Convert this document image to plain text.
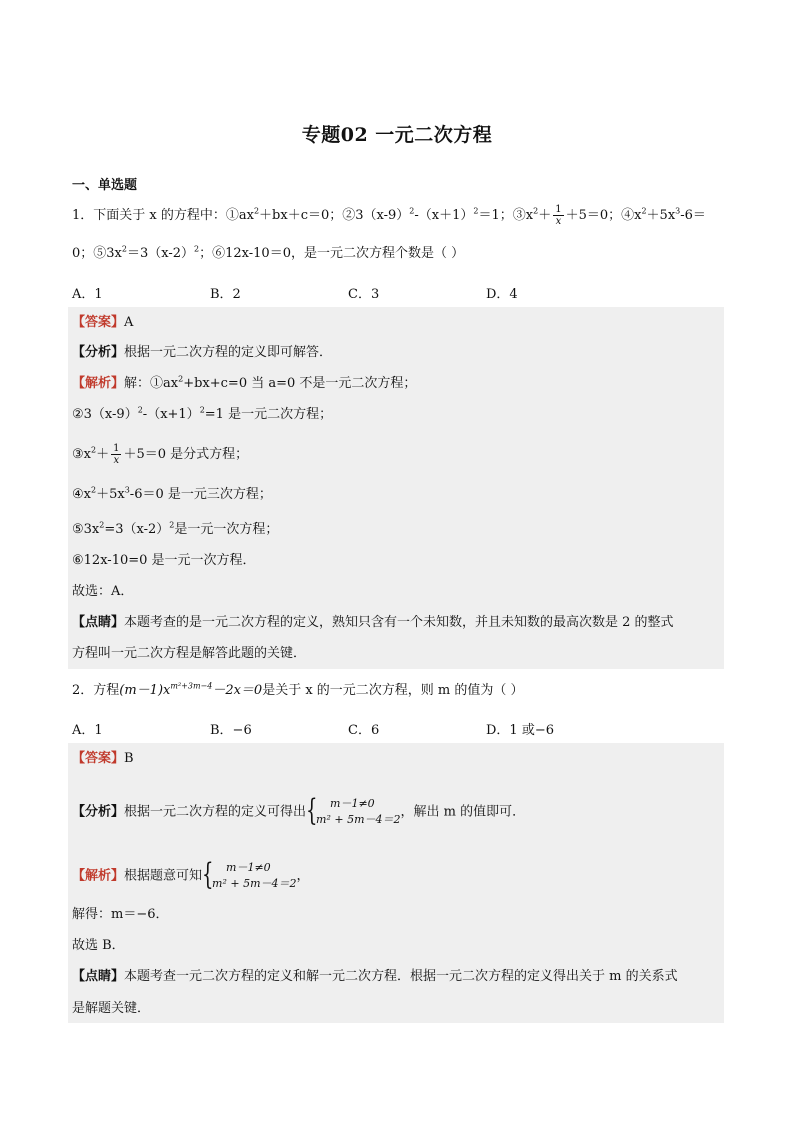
专题02 一元二次方程
一、单选题
1．下面关于 x 的方程中：$①ax^2+bx+c=0$；$②3(x-9)^2-(x+1)^2=1$；$③x^2+ \frac{1}{x} +5=0$；$④x^2+5x^3-6=$
0；$⑤3x^2=3(x-2)^2$；⑥12x-10＝0，是一元二次方程个数是（ ）
A．1	B．2	C．3	D．4
【答案】A
【分析】根据一元二次方程的定义即可解答．
【解析】解：$①ax^2+bx+c=0$ 当 a=0 不是一元二次方程；
$②3(x-9)^2-(x+1)^2=1$ 是一元二次方程；
$③x^2+ \frac{1}{x} +5=0$ 是分式方程；
$④x^2+5x^3-6=0$ 是一元三次方程；
$⑤3x^2=3(x-2)^2$是一元一次方程；
⑥12x-10=0 是一元一次方程．
故选：A．
【点睛】本题考查的是一元二次方程的定义，熟知只含有一个未知数，并且未知数的最高次数是 2 的整式
方程叫一元二次方程是解答此题的关键．
2．方程$(m-1)x^{m^2+3m-4}-2x=0$是关于 x 的一元二次方程，则 m 的值为（ ）
A．1	B．−6	C．6	D．1 或−6
【答案】B
【分析】根据一元二次方程的定义可得出 {	m－1≠0
m² + 5m－4＝2 ，解出 m 的值即可．
【解析】根据题意可知 {	m－1≠0
m² + 5m－4＝2 ，
解得：m＝−6．
故选 B．
【点睛】本题考查一元二次方程的定义和解一元二次方程．根据一元二次方程的定义得出关于 m 的关系式
是解题关键．
